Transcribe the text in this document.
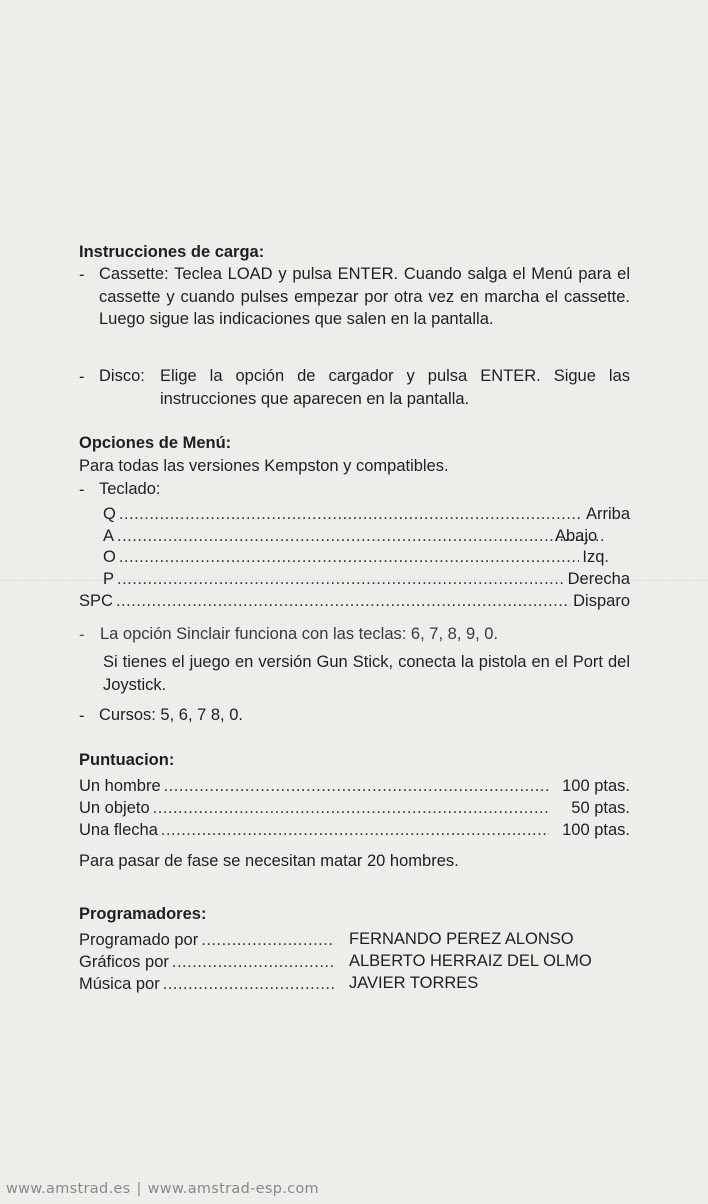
Instrucciones de carga:
- Cassette: Teclea LOAD y pulsa ENTER. Cuando salga el Menú para el cassette y cuando pulses empezar por otra vez en marcha el cassette. Luego sigue las indicaciones que salen en la pantalla.
- Disco: Elige la opción de cargador y pulsa ENTER. Sigue las instrucciones que aparecen en la pantalla.
Opciones de Menú:
Para todas las versiones Kempston y compatibles.
- Teclado:
Q .....	Arriba
A .....	Abajo
O .....	Izq.
P .....	Derecha
SPC .....	Disparo
- La opción Sinclair funciona con las teclas: 6, 7, 8, 9, 0.
Si tienes el juego en versión Gun Stick, conecta la pistola en el Port del Joystick.
- Cursos: 5, 6, 7 8, 0.
Puntuacion:
Un hombre .....	100 ptas.
Un objeto .....	50 ptas.
Una flecha .....	100 ptas.
Para pasar de fase se necesitan matar 20 hombres.
Programadores:
Programado por .....	FERNANDO PEREZ ALONSO
Gráficos por .....	ALBERTO HERRAIZ DEL OLMO
Música por .....	JAVIER TORRES
www.amstrad.es | www.amstrad-esp.com
